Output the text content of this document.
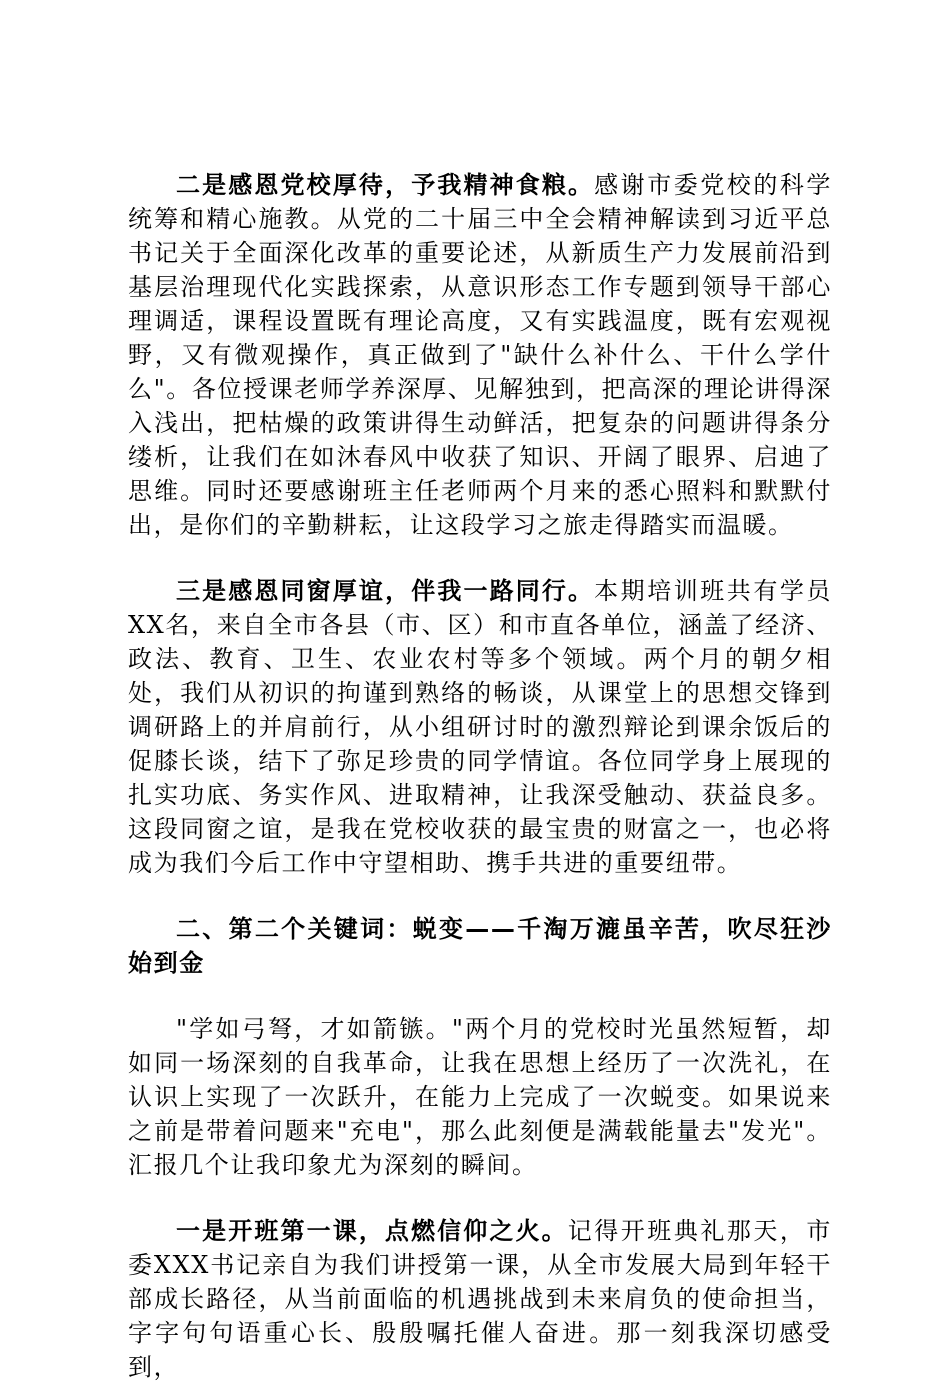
二是感恩党校厚待，予我精神食粮。感谢市委党校的科学统筹和精心施教。从党的二十届三中全会精神解读到习近平总书记关于全面深化改革的重要论述，从新质生产力发展前沿到基层治理现代化实践探索，从意识形态工作专题到领导干部心理调适，课程设置既有理论高度，又有实践温度，既有宏观视野，又有微观操作，真正做到了"缺什么补什么、干什么学什么"。各位授课老师学养深厚、见解独到，把高深的理论讲得深入浅出，把枯燥的政策讲得生动鲜活，把复杂的问题讲得条分缕析，让我们在如沐春风中收获了知识、开阔了眼界、启迪了思维。同时还要感谢班主任老师两个月来的悉心照料和默默付出，是你们的辛勤耕耘，让这段学习之旅走得踏实而温暖。

三是感恩同窗厚谊，伴我一路同行。本期培训班共有学员XX名，来自全市各县（市、区）和市直各单位，涵盖了经济、政法、教育、卫生、农业农村等多个领域。两个月的朝夕相处，我们从初识的拘谨到熟络的畅谈，从课堂上的思想交锋到调研路上的并肩前行，从小组研讨时的激烈辩论到课余饭后的促膝长谈，结下了弥足珍贵的同学情谊。各位同学身上展现的扎实功底、务实作风、进取精神，让我深受触动、获益良多。这段同窗之谊，是我在党校收获的最宝贵的财富之一，也必将成为我们今后工作中守望相助、携手共进的重要纽带。

二、第二个关键词：蜕变——千淘万漉虽辛苦，吹尽狂沙始到金

"学如弓弩，才如箭镞。"两个月的党校时光虽然短暂，却如同一场深刻的自我革命，让我在思想上经历了一次洗礼，在认识上实现了一次跃升，在能力上完成了一次蜕变。如果说来之前是带着问题来"充电"，那么此刻便是满载能量去"发光"。汇报几个让我印象尤为深刻的瞬间。

一是开班第一课，点燃信仰之火。记得开班典礼那天，市委XXX书记亲自为我们讲授第一课，从全市发展大局到年轻干部成长路径，从当前面临的机遇挑战到未来肩负的使命担当，字字句句语重心长、殷殷嘱托催人奋进。那一刻我深切感受到，
